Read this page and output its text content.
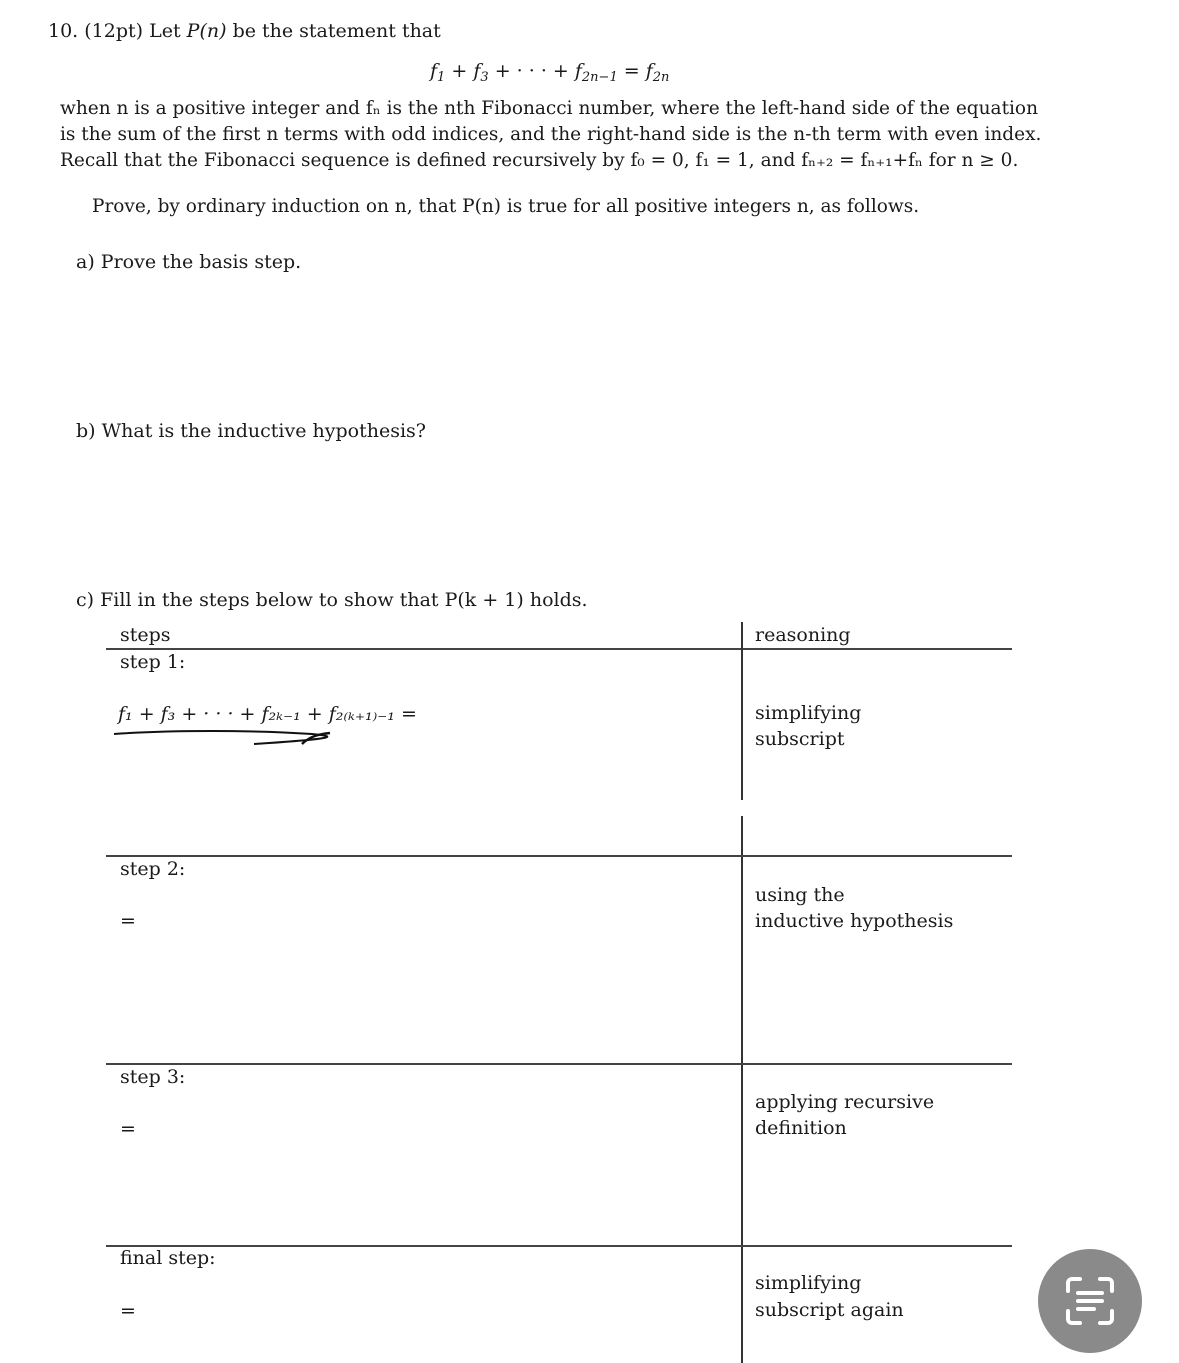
10. (12pt) Let P(n) be the statement that
$f_1 + f_3$ + · · · + $f_{2n-1} = f_{2n}$
when n is a positive integer and fₙ is the nth Fibonacci number, where the left-hand side of the equation
is the sum of the first n terms with odd indices, and the right-hand side is the n-th term with even index.
Recall that the Fibonacci sequence is defined recursively by f₀ = 0, f₁ = 1, and fₙ₊₂ = fₙ₊₁+fₙ for n ≥ 0.
Prove, by ordinary induction on n, that P(n) is true for all positive integers n, as follows.
a) Prove the basis step.
b) What is the inductive hypothesis?
c) Fill in the steps below to show that P(k + 1) holds.
steps	reasoning
step 1:
f₁ + f₃ + · · · + f₂ₖ₋₁ + f₂₍ₖ₊₁₎₋₁ =	simplifying
subscript
step 2:
=
using the
inductive hypothesis
step 3:
=
applying recursive
definition
final step:
=
simplifying
subscript again
